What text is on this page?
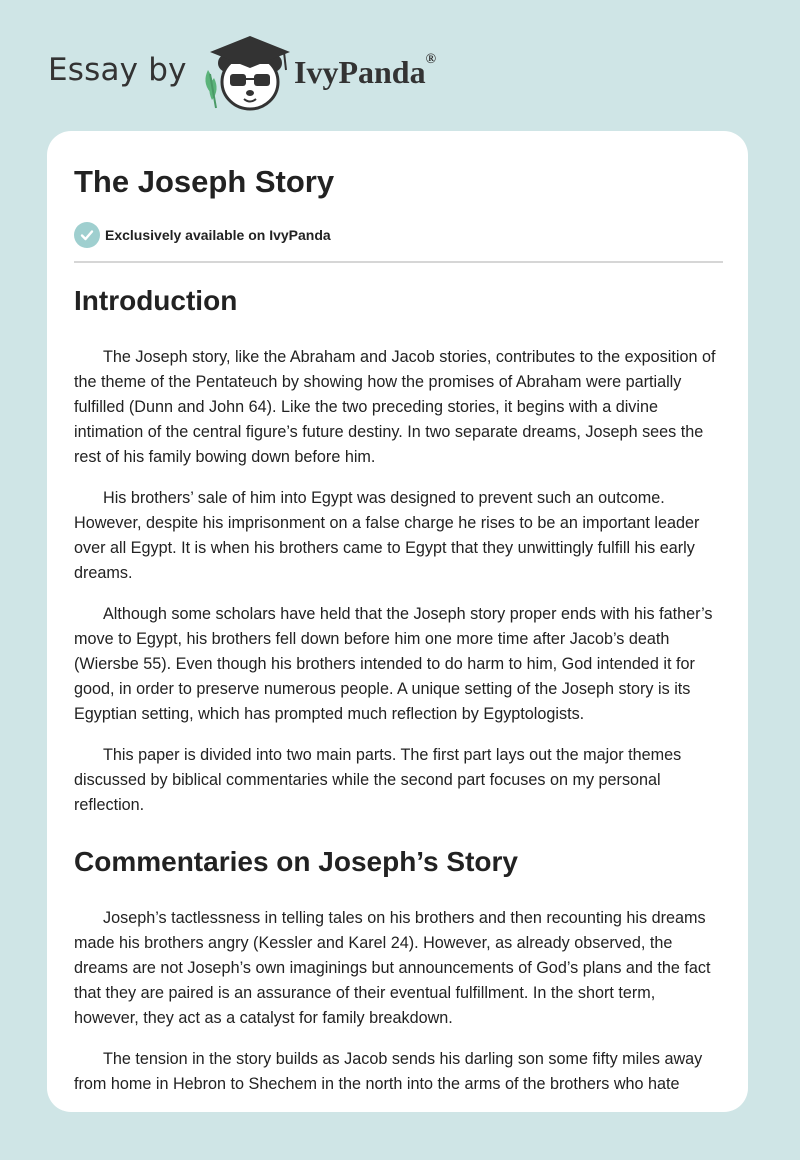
Essay by	IvyPanda®
The Joseph Story
Exclusively available on IvyPanda
Introduction

The Joseph story, like the Abraham and Jacob stories, contributes to the exposition of the theme of the Pentateuch by showing how the promises of Abraham were partially fulfilled (Dunn and John 64). Like the two preceding stories, it begins with a divine intimation of the central figure’s future destiny. In two separate dreams, Joseph sees the rest of his family bowing down before him.

His brothers’ sale of him into Egypt was designed to prevent such an outcome. However, despite his imprisonment on a false charge he rises to be an important leader over all Egypt. It is when his brothers came to Egypt that they unwittingly fulfill his early dreams.

Although some scholars have held that the Joseph story proper ends with his father’s move to Egypt, his brothers fell down before him one more time after Jacob’s death (Wiersbe 55). Even though his brothers intended to do harm to him, God intended it for good, in order to preserve numerous people. A unique setting of the Joseph story is its Egyptian setting, which has prompted much reflection by Egyptologists.

This paper is divided into two main parts. The first part lays out the major themes discussed by biblical commentaries while the second part focuses on my personal reflection.

Commentaries on Joseph’s Story

Joseph’s tactlessness in telling tales on his brothers and then recounting his dreams made his brothers angry (Kessler and Karel 24). However, as already observed, the dreams are not Joseph’s own imaginings but announcements of God’s plans and the fact that they are paired is an assurance of their eventual fulfillment. In the short term, however, they act as a catalyst for family breakdown.

The tension in the story builds as Jacob sends his darling son some fifty miles away from home in Hebron to Shechem in the north into the arms of the brothers who hate
